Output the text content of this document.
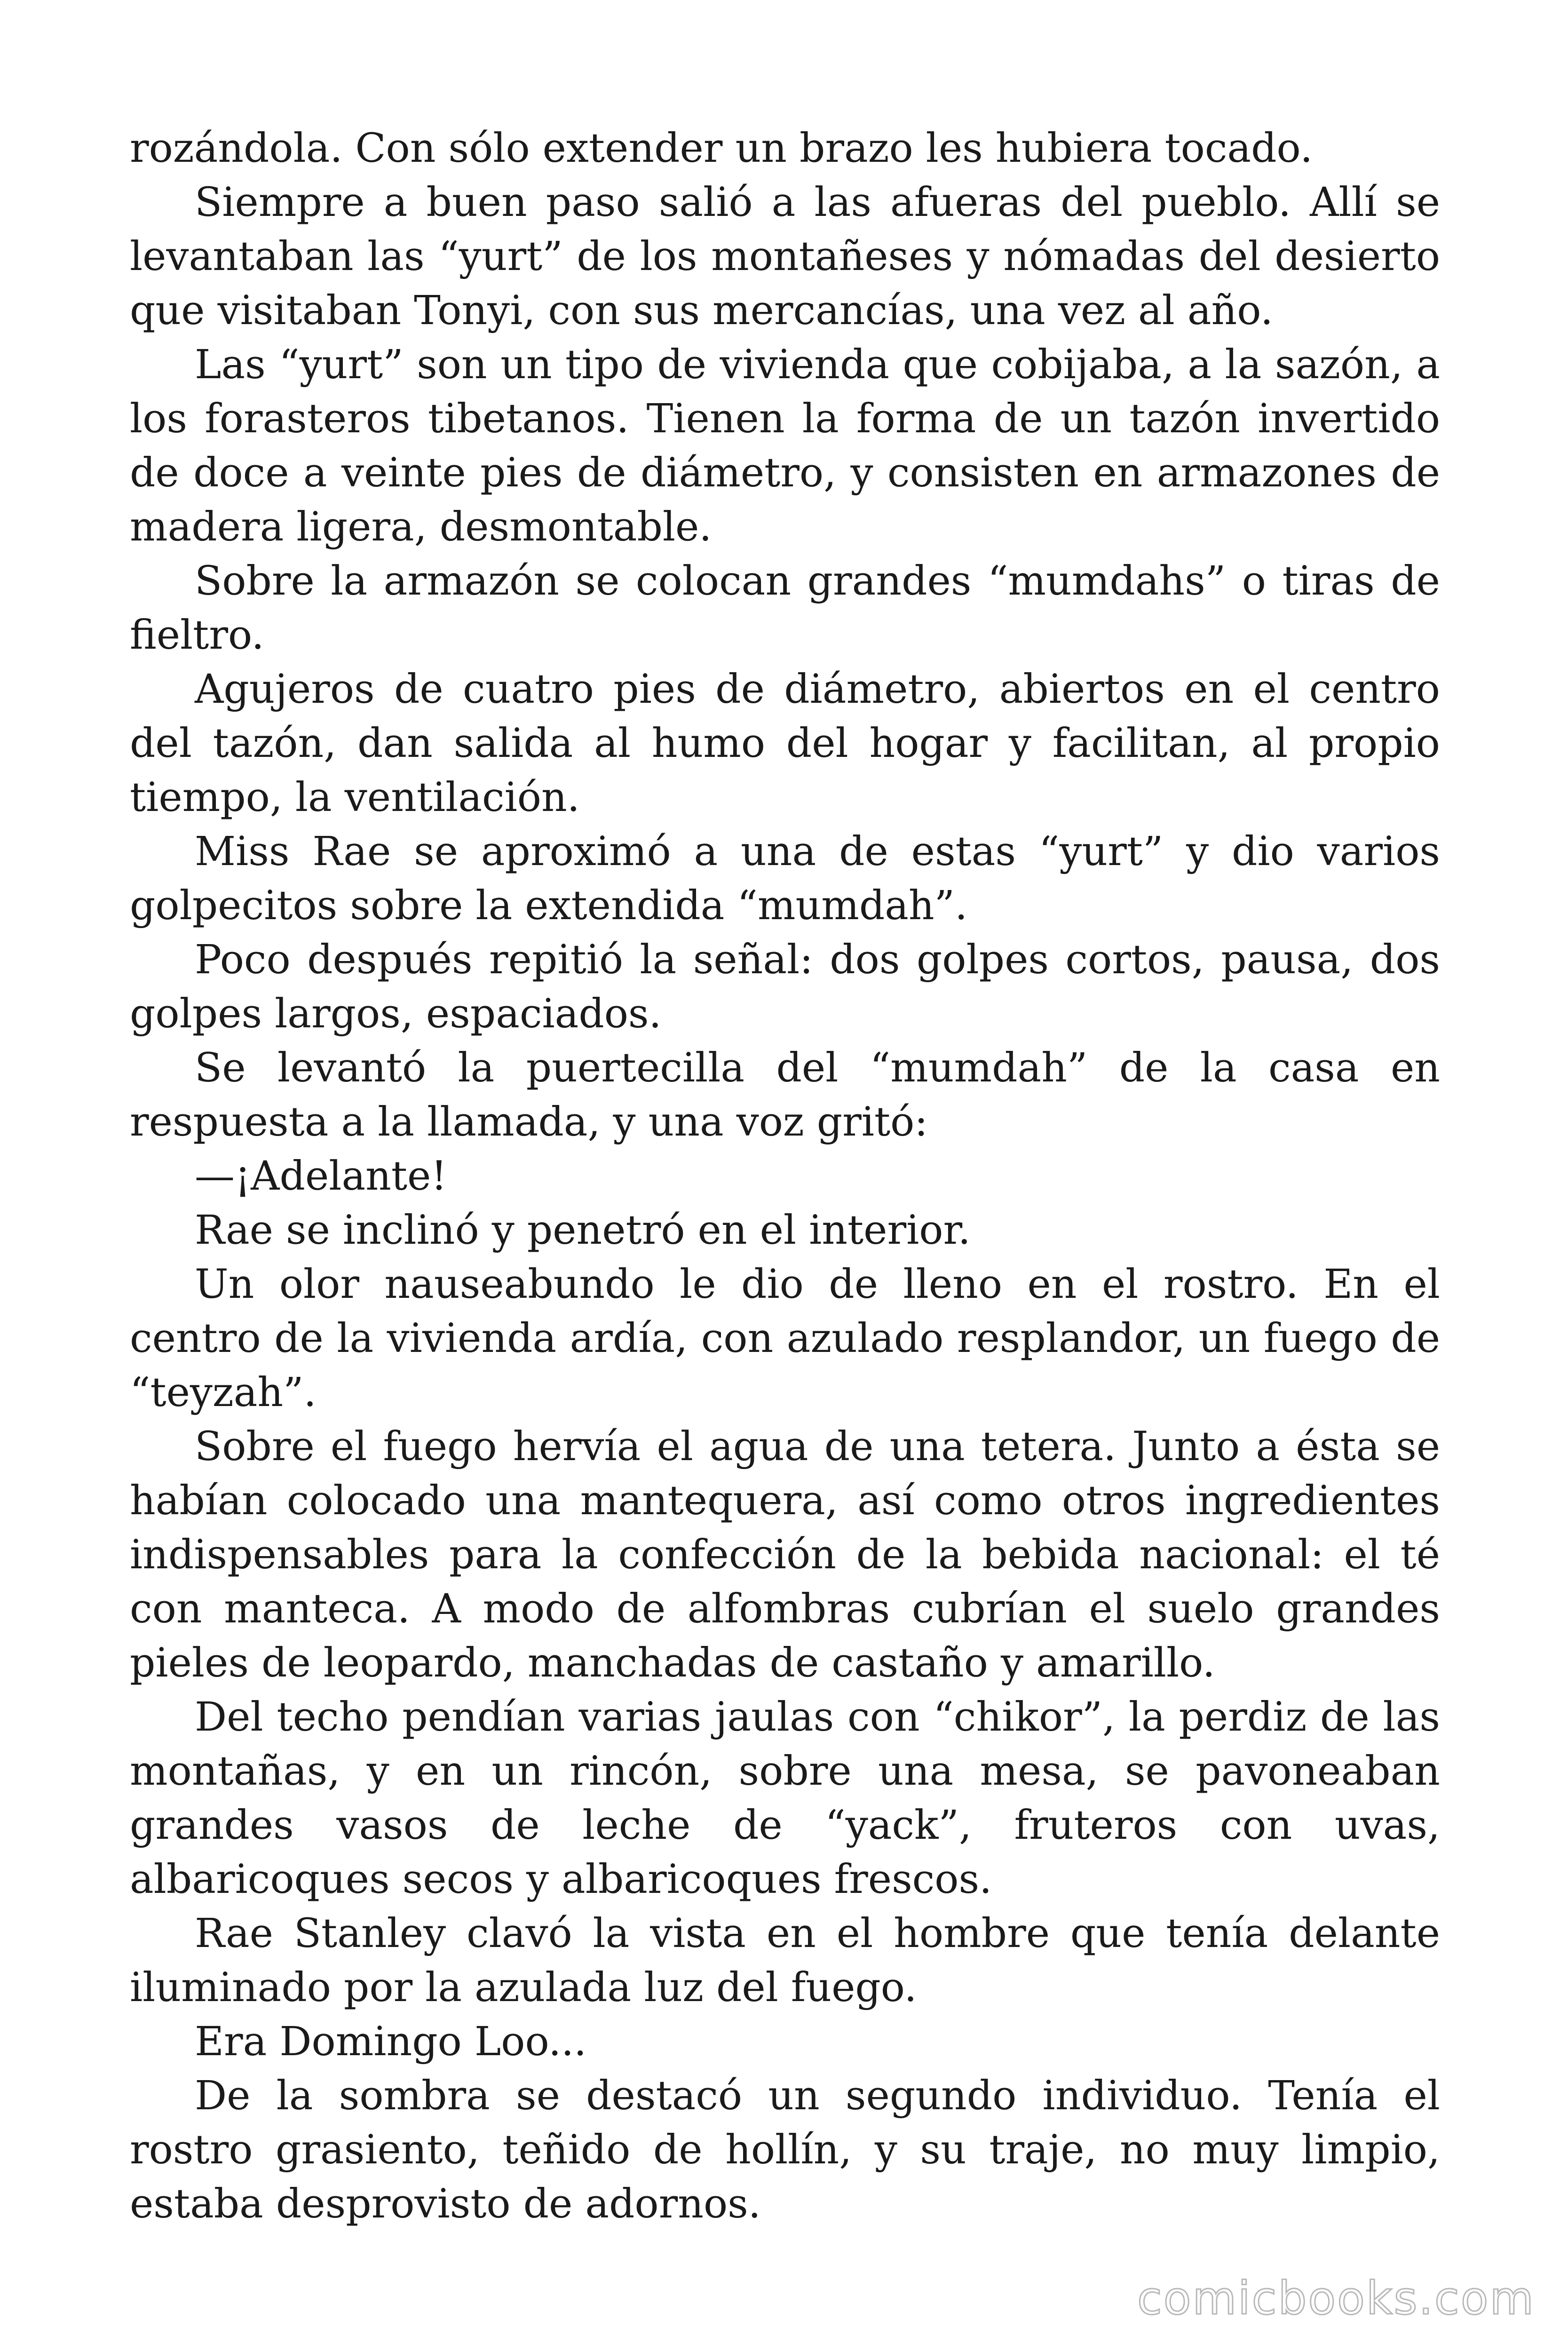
rozándola. Con sólo extender un brazo les hubiera tocado.

Siempre a buen paso salió a las afueras del pueblo. Allí se levantaban las “yurt” de los montañeses y nómadas del desierto que visitaban Tonyi, con sus mercancías, una vez al año.

Las “yurt” son un tipo de vivienda que cobijaba, a la sazón, a los forasteros tibetanos. Tienen la forma de un tazón invertido de doce a veinte pies de diámetro, y consisten en armazones de madera ligera, desmontable.

Sobre la armazón se colocan grandes “mumdahs” o tiras de fieltro.

Agujeros de cuatro pies de diámetro, abiertos en el centro del tazón, dan salida al humo del hogar y facilitan, al propio tiempo, la ventilación.

Miss Rae se aproximó a una de estas “yurt” y dio varios golpecitos sobre la extendida “mumdah”.

Poco después repitió la señal: dos golpes cortos, pausa, dos golpes largos, espaciados.

Se levantó la puertecilla del “mumdah” de la casa en respuesta a la llamada, y una voz gritó:

—¡Adelante!

Rae se inclinó y penetró en el interior.

Un olor nauseabundo le dio de lleno en el rostro. En el centro de la vivienda ardía, con azulado resplandor, un fuego de “teyzah”.

Sobre el fuego hervía el agua de una tetera. Junto a ésta se habían colocado una mantequera, así como otros ingredientes indispensables para la confección de la bebida nacional: el té con manteca. A modo de alfombras cubrían el suelo grandes pieles de leopardo, manchadas de castaño y amarillo.

Del techo pendían varias jaulas con “chikor”, la perdiz de las montañas, y en un rincón, sobre una mesa, se pavoneaban grandes vasos de leche de “yack”, fruteros con uvas, albaricoques secos y albaricoques frescos.

Rae Stanley clavó la vista en el hombre que tenía delante iluminado por la azulada luz del fuego.

Era Domingo Loo...

De la sombra se destacó un segundo individuo. Tenía el rostro grasiento, teñido de hollín, y su traje, no muy limpio, estaba desprovisto de adornos.

comicbooks.com
